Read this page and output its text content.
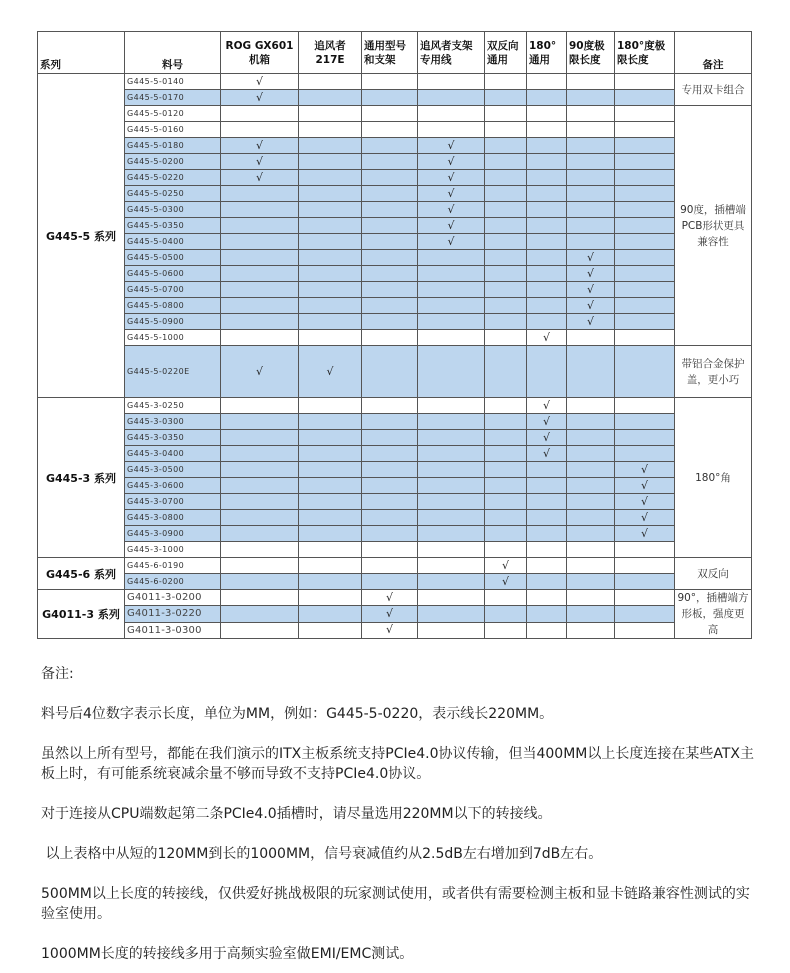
系列	料号	ROG GX601 机箱	追风者 217E	通用型号和支架	追风者支架专用线	双反向通用	180° 通用	90度极限长度	180°度极限长度	备注
G445-5 系列	G445-5-0140	√								专用双卡组合
	G445-5-0170	√								
	G445-5-0120									90度，插槽端PCB形状更具兼容性
	G445-5-0160									
	G445-5-0180	√			√					
	G445-5-0200	√			√					
	G445-5-0220	√			√					
	G445-5-0250				√					
	G445-5-0300				√					
	G445-5-0350				√					
	G445-5-0400				√					
	G445-5-0500							√		
	G445-5-0600							√		
	G445-5-0700							√		
	G445-5-0800							√		
	G445-5-0900							√		
	G445-5-1000						√			
	G445-5-0220E	√	√							带铝合金保护盖，更小巧
G445-3 系列	G445-3-0250						√			180°角
	G445-3-0300						√			
	G445-3-0350						√			
	G445-3-0400						√			
	G445-3-0500								√	
	G445-3-0600								√	
	G445-3-0700								√	
	G445-3-0800								√	
	G445-3-0900								√	
	G445-3-1000									
G445-6 系列	G445-6-0190					√				双反向
	G445-6-0200					√				
G4011-3 系列	G4011-3-0200			√						90°，插槽端方形板，强度更高
	G4011-3-0220			√						
	G4011-3-0300			√						

备注:

料号后4位数字表示长度，单位为MM，例如：G445-5-0220，表示线长220MM。

虽然以上所有型号，都能在我们演示的ITX主板系统支持PCIe4.0协议传输，但当400MM以上长度连接在某些ATX主板上时，有可能系统衰减余量不够而导致不支持PCIe4.0协议。

对于连接从CPU端数起第二条PCIe4.0插槽时，请尽量选用220MM以下的转接线。

以上表格中从短的120MM到长的1000MM，信号衰减值约从2.5dB左右增加到7dB左右。

500MM以上长度的转接线，仅供爱好挑战极限的玩家测试使用，或者供有需要检测主板和显卡链路兼容性测试的实验室使用。

1000MM长度的转接线多用于高频实验室做EMI/EMC测试。
